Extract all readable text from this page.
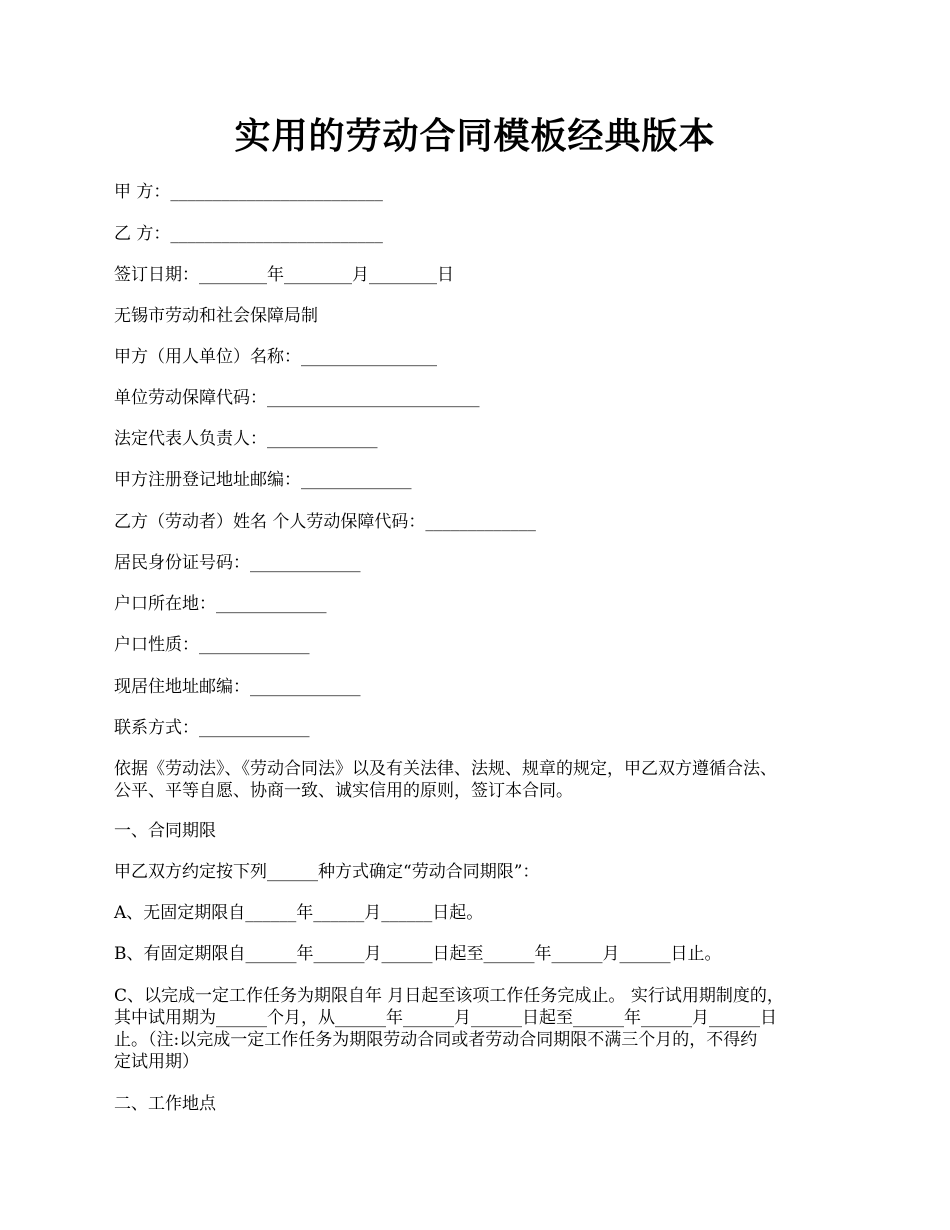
实用的劳动合同模板经典版本
甲 方：_________________________
乙 方：_________________________
签订日期：________年________月________日
无锡市劳动和社会保障局制
甲方（用人单位）名称：________________
单位劳动保障代码：_________________________
法定代表人负责人：_____________
甲方注册登记地址邮编：_____________
乙方（劳动者）姓名 个人劳动保障代码：_____________
居民身份证号码：_____________
户口所在地：_____________
户口性质：_____________
现居住地址邮编：_____________
联系方式：_____________
依据《劳动法》、《劳动合同法》以及有关法律、法规、规章的规定，甲乙双方遵循合法、
公平、平等自愿、协商一致、诚实信用的原则，签订本合同。
一、合同期限
甲乙双方约定按下列______种方式确定“劳动合同期限”：
A、无固定期限自______年______月______日起。
B、有固定期限自______年______月______日起至______年______月______日止。
C、以完成一定工作任务为期限自年 月日起至该项工作任务完成止。 实行试用期制度的，
其中试用期为______个月，从______年______月______日起至______年______月______日
止。（注:以完成一定工作任务为期限劳动合同或者劳动合同期限不满三个月的，不得约
定试用期）
二、工作地点
